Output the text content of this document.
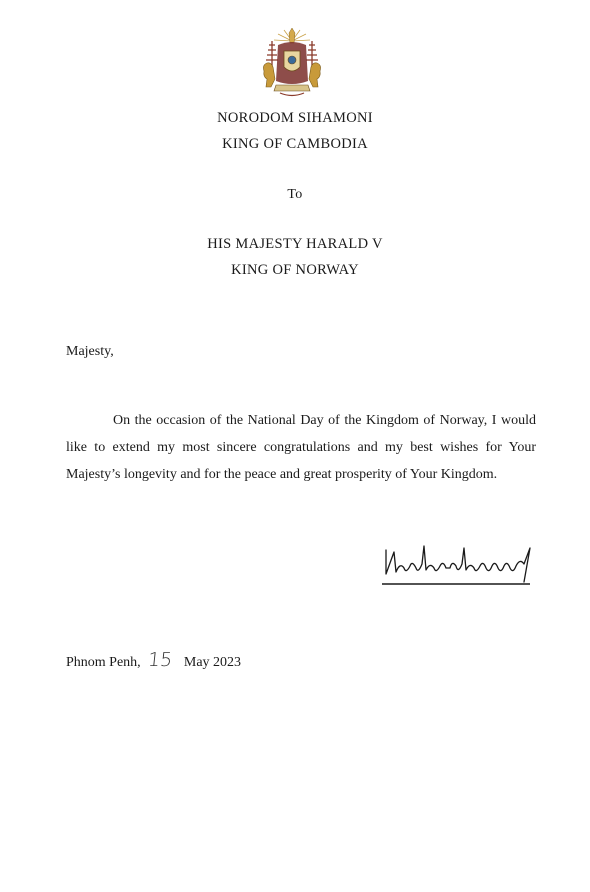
NORODOM SIHAMONI
KING OF CAMBODIA
To
HIS MAJESTY HARALD V
KING OF NORWAY
Majesty,

On the occasion of the National Day of the Kingdom of Norway, I would like to extend my most sincere congratulations and my best wishes for Your Majesty’s longevity and for the peace and great prosperity of Your Kingdom.

Phnom Penh, 15 May 2023
